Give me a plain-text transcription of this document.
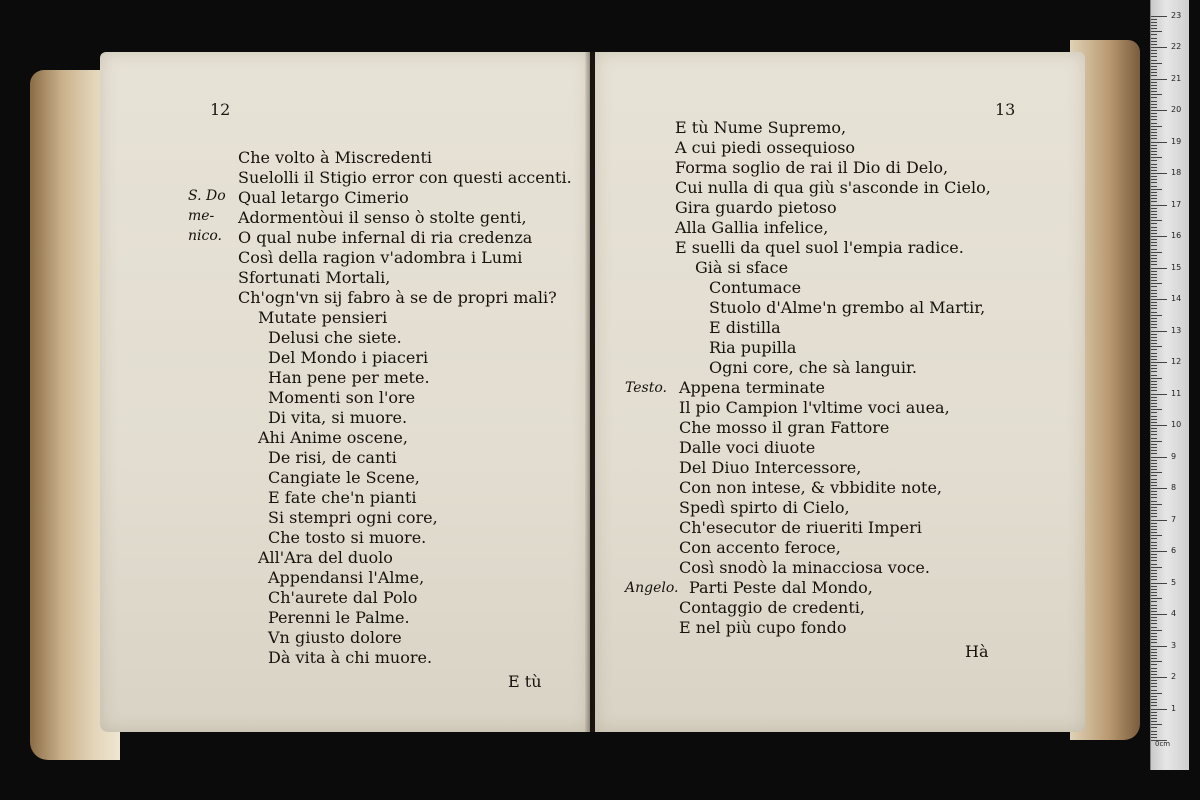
12
S. Do
me-
nico.
Che volto à Miscredenti
Suelolli il Stigio error con questi accenti.
Qual letargo Cimerio
Adormentòui il senso ò stolte genti,
O qual nube infernal di ria credenza
Così della ragion v'adombra i Lumi
Sfortunati Mortali,
Ch'ogn'vn sij fabro à se de propri mali?
Mutate pensieri
Delusi che siete.
Del Mondo i piaceri
Han pene per mete.
Momenti son l'ore
Di vita, si muore.
Ahi Anime oscene,
De risi, de canti
Cangiate le Scene,
E fate che'n pianti
Si stempri ogni core,
Che tosto si muore.
All'Ara del duolo
Appendansi l'Alme,
Ch'aurete dal Polo
Perenni le Palme.
Vn giusto dolore
Dà vita à chi muore.
E tù
13
E tù Nume Supremo,
A cui piedi ossequioso
Forma soglio de rai il Dio di Delo,
Cui nulla di qua giù s'asconde in Cielo,
Gira guardo pietoso
Alla Gallia infelice,
E suelli da quel suol l'empia radice.
Già si sface
Contumace
Stuolo d'Alme'n grembo al Martir,
E distilla
Ria pupilla
Ogni core, che sà languir.
Testo. Appena terminate
Il pio Campion l'vltime voci auea,
Che mosso il gran Fattore
Dalle voci diuote
Del Diuo Intercessore,
Con non intese, & vbbidite note,
Spedì spirto di Cielo,
Ch'esecutor de riueriti Imperi
Con accento feroce,
Così snodò la minacciosa voce.
Angelo. Parti Peste dal Mondo,
Contaggio de credenti,
E nel più cupo fondo
Hà
1
2
3
4
5
6
7
8
9
10
11
12
13
14
15
16
17
18
19
20
21
22
23
0cm
